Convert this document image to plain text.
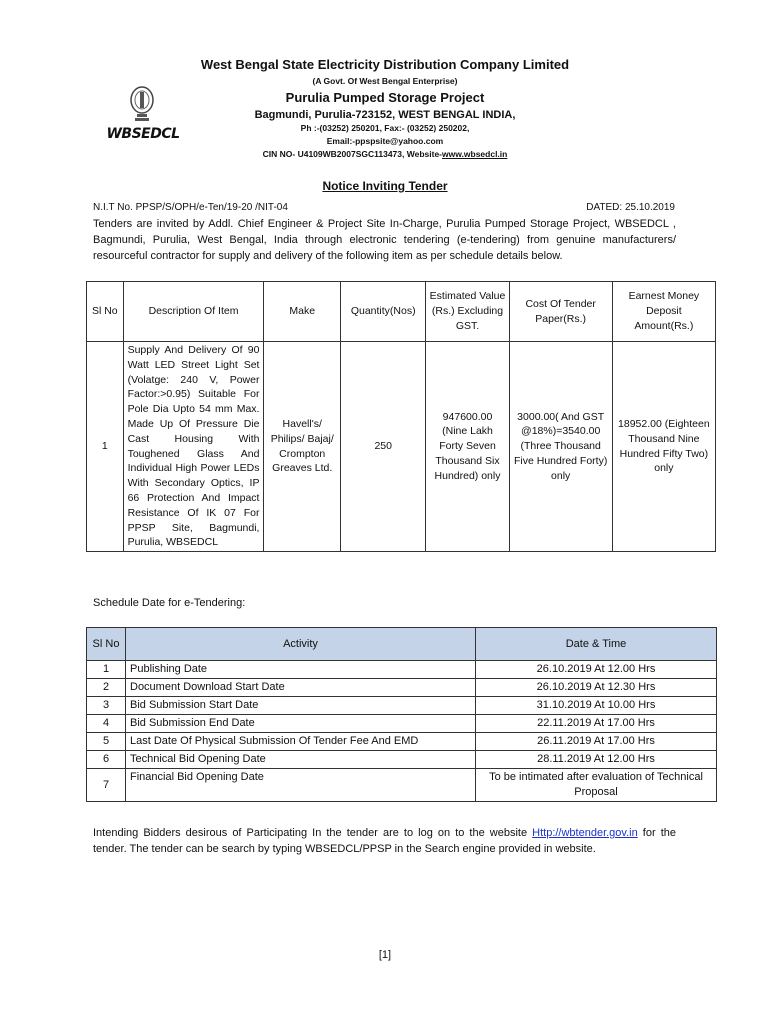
WBSEDCL
West Bengal State Electricity Distribution Company Limited
(A Govt. Of West Bengal Enterprise)
Purulia Pumped Storage Project
Bagmundi, Purulia-723152, WEST BENGAL INDIA,
Ph :-(03252) 250201, Fax:- (03252) 250202,
Email:-ppspsite@yahoo.com
CIN NO- U4109WB2007SGC113473, Website-www.wbsedcl.in
Notice Inviting Tender
N.I.T No. PPSP/S/OPH/e-Ten/19-20 /NIT-04	DATED: 25.10.2019
Tenders are invited by Addl. Chief Engineer & Project Site In-Charge, Purulia Pumped Storage Project, WBSEDCL , Bagmundi, Purulia, West Bengal, India through electronic tendering (e-tendering) from genuine manufacturers/ resourceful contractor for supply and delivery of the following item as per schedule details below.
Sl No	Description Of Item	Make	Quantity(Nos)	Estimated Value (Rs.) Excluding GST.	Cost Of Tender Paper(Rs.)	Earnest Money Deposit Amount(Rs.)
1	Supply And Delivery Of 90 Watt LED Street Light Set (Volatge: 240 V, Power Factor:>0.95) Suitable For Pole Dia Upto 54 mm Max. Made Up Of Pressure Die Cast Housing With Toughened Glass And Individual High Power LEDs With Secondary Optics, IP 66 Protection And Impact Resistance Of IK 07 For PPSP Site, Bagmundi, Purulia, WBSEDCL	Havell's/ Philips/ Bajaj/ Crompton Greaves Ltd.	250	947600.00 (Nine Lakh Forty Seven Thousand Six Hundred) only	3000.00( And GST @18%)=3540.00 (Three Thousand Five Hundred Forty) only	18952.00 (Eighteen Thousand Nine Hundred Fifty Two) only
Schedule Date for e-Tendering:
Sl No	Activity	Date & Time
1	Publishing Date	26.10.2019 At 12.00 Hrs
2	Document Download Start Date	26.10.2019 At 12.30 Hrs
3	Bid Submission Start Date	31.10.2019 At 10.00 Hrs
4	Bid Submission End Date	22.11.2019 At 17.00 Hrs
5	Last Date Of Physical Submission Of Tender Fee And EMD	26.11.2019 At 17.00 Hrs
6	Technical Bid Opening Date	28.11.2019 At 12.00 Hrs
7	Financial Bid Opening Date	To be intimated after evaluation of Technical Proposal
Intending Bidders desirous of Participating In the tender are to log on to the website Http://wbtender.gov.in for the tender. The tender can be search by typing WBSEDCL/PPSP in the Search engine provided in website.
[1]
